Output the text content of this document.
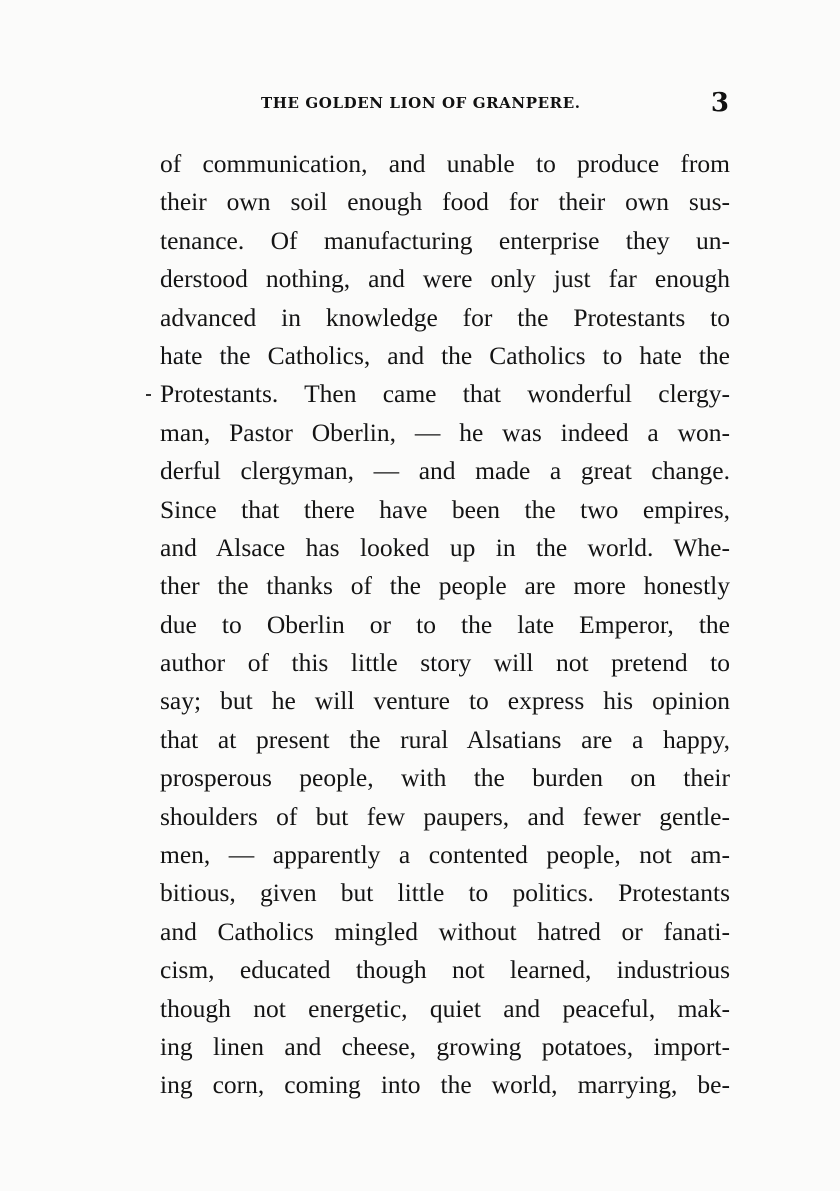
THE GOLDEN LION OF GRANPERE.	3
of communication, and unable to produce from
their own soil enough food for their own sus-
tenance. Of manufacturing enterprise they un-
derstood nothing, and were only just far enough
advanced in knowledge for the Protestants to
hate the Catholics, and the Catholics to hate the
Protestants. Then came that wonderful clergy-
man, Pastor Oberlin, — he was indeed a won-
derful clergyman, — and made a great change.
Since that there have been the two empires,
and Alsace has looked up in the world. Whe-
ther the thanks of the people are more honestly
due to Oberlin or to the late Emperor, the
author of this little story will not pretend to
say; but he will venture to express his opinion
that at present the rural Alsatians are a happy,
prosperous people, with the burden on their
shoulders of but few paupers, and fewer gentle-
men, — apparently a contented people, not am-
bitious, given but little to politics. Protestants
and Catholics mingled without hatred or fanati-
cism, educated though not learned, industrious
though not energetic, quiet and peaceful, mak-
ing linen and cheese, growing potatoes, import-
ing corn, coming into the world, marrying, be-
